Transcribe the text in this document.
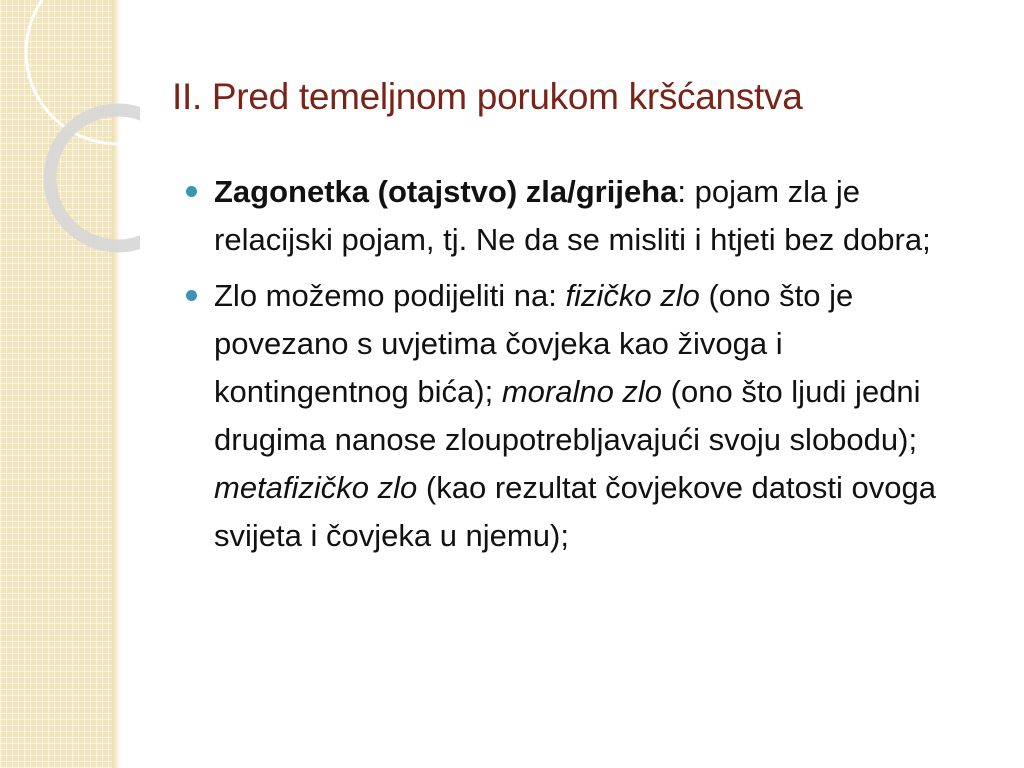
II. Pred temeljnom porukom kršćanstva
Zagonetka (otajstvo) zla/grijeha: pojam zla je relacijski pojam, tj. Ne da se misliti i htjeti bez dobra;
Zlo možemo podijeliti na: fizičko zlo (ono što je povezano s uvjetima čovjeka kao živoga i kontingentnog bića); moralno zlo (ono što ljudi jedni drugima nanose zloupotrebljavajući svoju slobodu); metafizičko zlo (kao rezultat čovjekove datosti ovoga svijeta i čovjeka u njemu);
